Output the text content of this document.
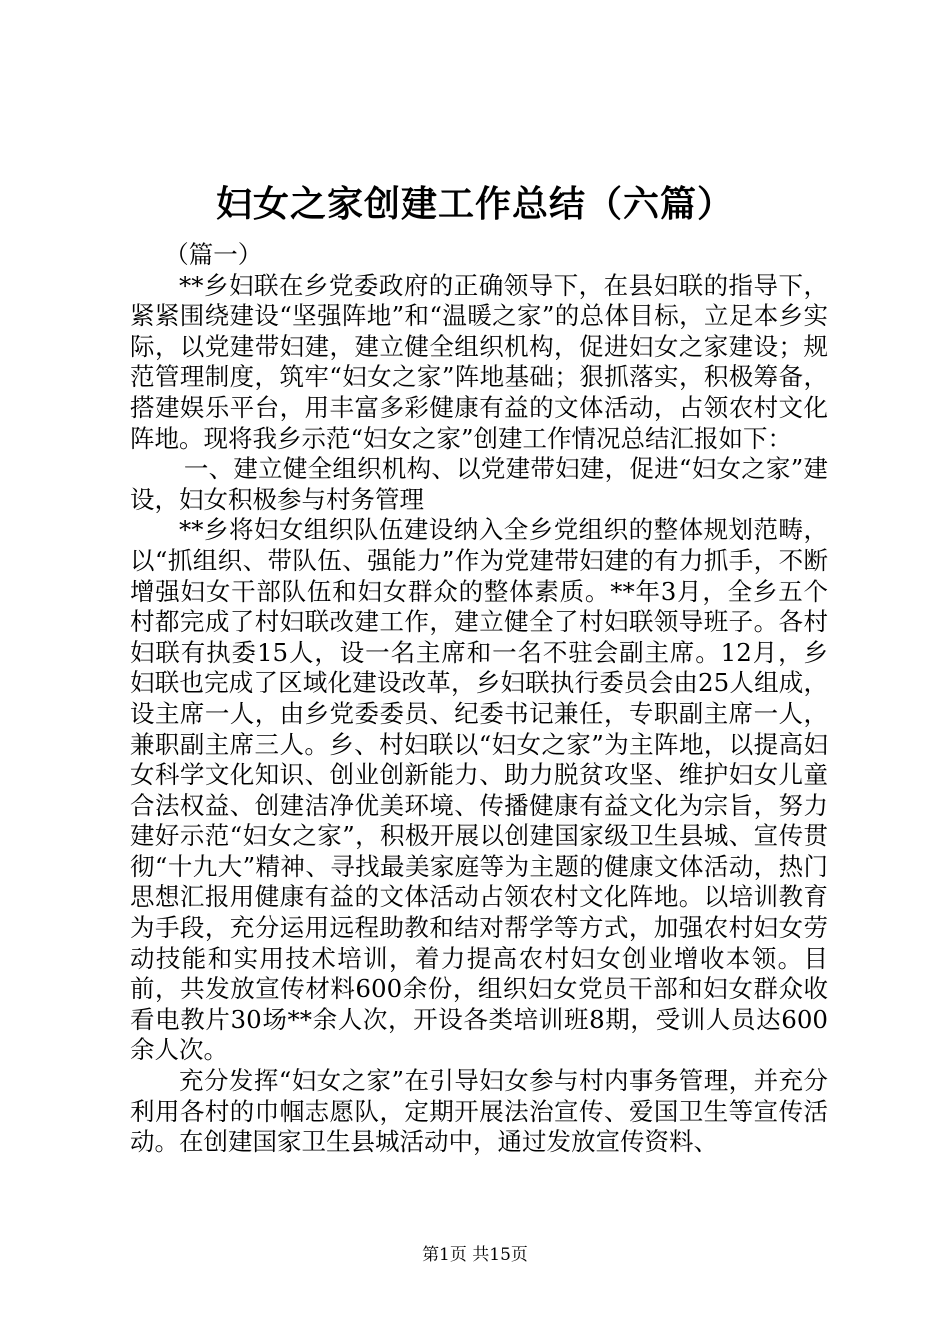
妇女之家创建工作总结（六篇）

（篇一）

**乡妇联在乡党委政府的正确领导下，在县妇联的指导下，紧紧围绕建设“坚强阵地”和“温暖之家”的总体目标，立足本乡实际，以党建带妇建，建立健全组织机构，促进妇女之家建设；规范管理制度，筑牢“妇女之家”阵地基础；狠抓落实，积极筹备，搭建娱乐平台，用丰富多彩健康有益的文体活动，占领农村文化阵地。现将我乡示范“妇女之家”创建工作情况总结汇报如下：

一、建立健全组织机构、以党建带妇建，促进“妇女之家”建设，妇女积极参与村务管理

**乡将妇女组织队伍建设纳入全乡党组织的整体规划范畴，以“抓组织、带队伍、强能力”作为党建带妇建的有力抓手，不断增强妇女干部队伍和妇女群众的整体素质。**年3月，全乡五个村都完成了村妇联改建工作，建立健全了村妇联领导班子。各村妇联有执委15人，设一名主席和一名不驻会副主席。12月，乡妇联也完成了区域化建设改革，乡妇联执行委员会由25人组成，设主席一人，由乡党委委员、纪委书记兼任，专职副主席一人，兼职副主席三人。乡、村妇联以“妇女之家”为主阵地，以提高妇女科学文化知识、创业创新能力、助力脱贫攻坚、维护妇女儿童合法权益、创建洁净优美环境、传播健康有益文化为宗旨，努力建好示范“妇女之家”，积极开展以创建国家级卫生县城、宣传贯彻“十九大”精神、寻找最美家庭等为主题的健康文体活动，热门思想汇报用健康有益的文体活动占领农村文化阵地。以培训教育为手段，充分运用远程助教和结对帮学等方式，加强农村妇女劳动技能和实用技术培训，着力提高农村妇女创业增收本领。目前，共发放宣传材料600余份，组织妇女党员干部和妇女群众收看电教片30场**余人次，开设各类培训班8期，受训人员达600余人次。

充分发挥“妇女之家”在引导妇女参与村内事务管理，并充分利用各村的巾帼志愿队，定期开展法治宣传、爱国卫生等宣传活动。在创建国家卫生县城活动中，通过发放宣传资料、

第1页 共15页
